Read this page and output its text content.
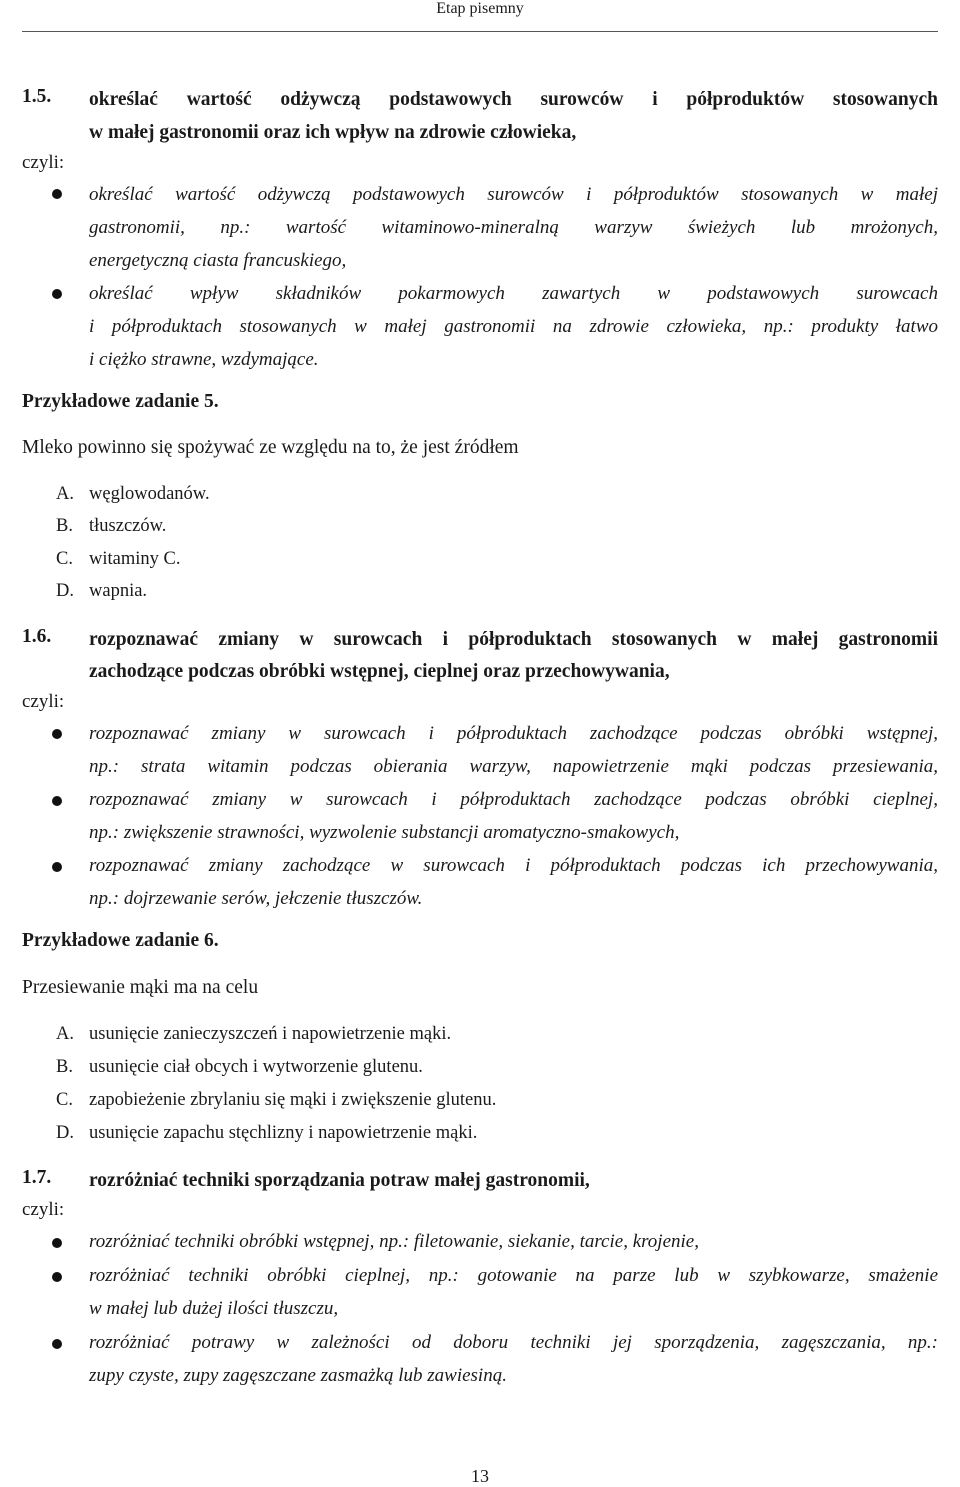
Etap pisemny
1.5. określać wartość odżywczą podstawowych surowców i półproduktów stosowanych
w małej gastronomii oraz ich wpływ na zdrowie człowieka,
czyli:
określać wartość odżywczą podstawowych surowców i półproduktów stosowanych w małej
gastronomii, np.: wartość witaminowo-mineralną warzyw świeżych lub mrożonych,
energetyczną ciasta francuskiego,
określać wpływ składników pokarmowych zawartych w podstawowych surowcach
i półproduktach stosowanych w małej gastronomii na zdrowie człowieka, np.: produkty łatwo
i ciężko strawne, wzdymające.
Przykładowe zadanie 5.
Mleko powinno się spożywać ze względu na to, że jest źródłem
A. węglowodanów.
B. tłuszczów.
C. witaminy C.
D. wapnia.
1.6. rozpoznawać zmiany w surowcach i półproduktach stosowanych w małej gastronomii
zachodzące podczas obróbki wstępnej, cieplnej oraz przechowywania,
czyli:
rozpoznawać zmiany w surowcach i półproduktach zachodzące podczas obróbki wstępnej,
np.: strata witamin podczas obierania warzyw, napowietrzenie mąki podczas przesiewania,
rozpoznawać zmiany w surowcach i półproduktach zachodzące podczas obróbki cieplnej,
np.: zwiększenie strawności, wyzwolenie substancji aromatyczno-smakowych,
rozpoznawać zmiany zachodzące w surowcach i półproduktach podczas ich przechowywania,
np.: dojrzewanie serów, jełczenie tłuszczów.
Przykładowe zadanie 6.
Przesiewanie mąki ma na celu
A. usunięcie zanieczyszczeń i napowietrzenie mąki.
B. usunięcie ciał obcych i wytworzenie glutenu.
C. zapobieżenie zbrylaniu się mąki i zwiększenie glutenu.
D. usunięcie zapachu stęchlizny i napowietrzenie mąki.
1.7. rozróżniać techniki sporządzania potraw małej gastronomii,
czyli:
rozróżniać techniki obróbki wstępnej, np.: filetowanie, siekanie, tarcie, krojenie,
rozróżniać techniki obróbki cieplnej, np.: gotowanie na parze lub w szybkowarze, smażenie
w małej lub dużej ilości tłuszczu,
rozróżniać potrawy w zależności od doboru techniki jej sporządzenia, zagęszczania, np.:
zupy czyste, zupy zagęszczane zasmażką lub zawiesiną.
13
